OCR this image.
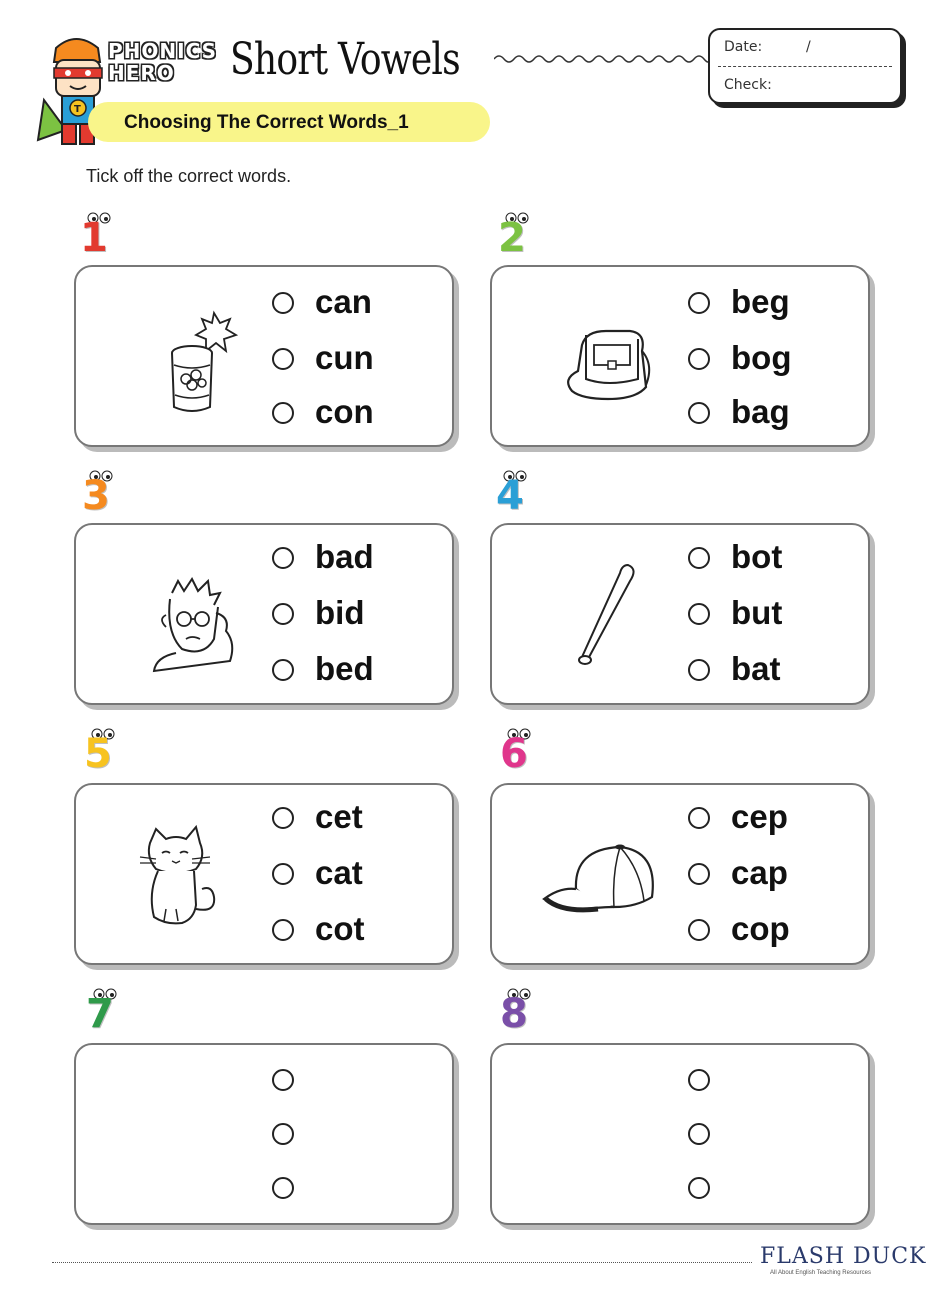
T
PHONICS
HERO	Short Vowels	Date:	/
Check:
Choosing The Correct Words_1
Tick off the correct words.
1
can
cun
con
2
beg
bog
bag
3
bad
bid
bed
4
bot
but
bat
5
cet
cat
cot
6
cep
cap
cop
7	8
FLASH DUCK
All About English Teaching Resources
